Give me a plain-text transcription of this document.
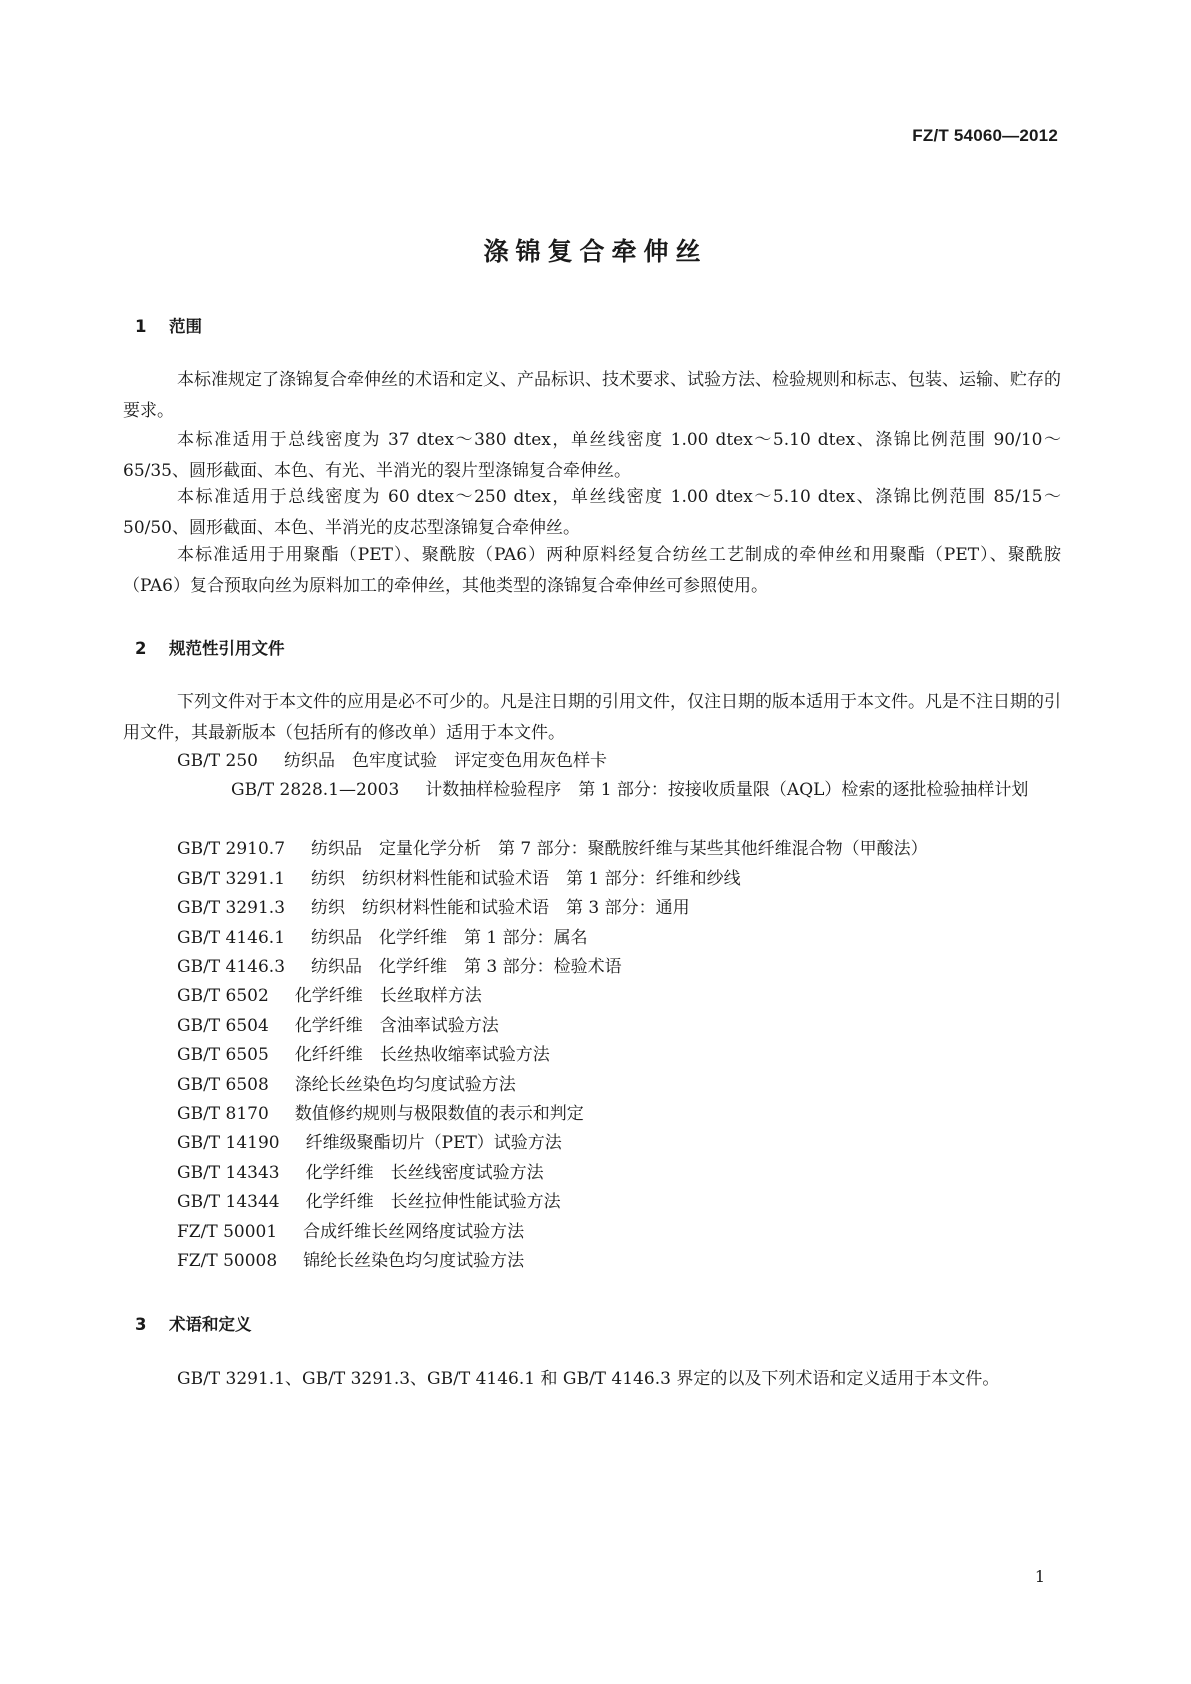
FZ/T 54060—2012
涤锦复合牵伸丝
1 范围

本标准规定了涤锦复合牵伸丝的术语和定义、产品标识、技术要求、试验方法、检验规则和标志、包装、运输、贮存的要求。

本标准适用于总线密度为 37 dtex～380 dtex，单丝线密度 1.00 dtex～5.10 dtex、涤锦比例范围 90/10～65/35、圆形截面、本色、有光、半消光的裂片型涤锦复合牵伸丝。

本标准适用于总线密度为 60 dtex～250 dtex，单丝线密度 1.00 dtex～5.10 dtex、涤锦比例范围 85/15～50/50、圆形截面、本色、半消光的皮芯型涤锦复合牵伸丝。

本标准适用于用聚酯（PET）、聚酰胺（PA6）两种原料经复合纺丝工艺制成的牵伸丝和用聚酯（PET）、聚酰胺（PA6）复合预取向丝为原料加工的牵伸丝，其他类型的涤锦复合牵伸丝可参照使用。

2 规范性引用文件

下列文件对于本文件的应用是必不可少的。凡是注日期的引用文件，仅注日期的版本适用于本文件。凡是不注日期的引用文件，其最新版本（包括所有的修改单）适用于本文件。

GB/T 250 纺织品　色牢度试验　评定变色用灰色样卡

GB/T 2828.1—2003 计数抽样检验程序　第 1 部分：按接收质量限（AQL）检索的逐批检验抽样计划

GB/T 2910.7 纺织品　定量化学分析　第 7 部分：聚酰胺纤维与某些其他纤维混合物（甲酸法）

GB/T 3291.1 纺织　纺织材料性能和试验术语　第 1 部分：纤维和纱线

GB/T 3291.3 纺织　纺织材料性能和试验术语　第 3 部分：通用

GB/T 4146.1 纺织品　化学纤维　第 1 部分：属名

GB/T 4146.3 纺织品　化学纤维　第 3 部分：检验术语

GB/T 6502 化学纤维　长丝取样方法

GB/T 6504 化学纤维　含油率试验方法

GB/T 6505 化纤纤维　长丝热收缩率试验方法

GB/T 6508 涤纶长丝染色均匀度试验方法

GB/T 8170 数值修约规则与极限数值的表示和判定

GB/T 14190 纤维级聚酯切片（PET）试验方法

GB/T 14343 化学纤维　长丝线密度试验方法

GB/T 14344 化学纤维　长丝拉伸性能试验方法

FZ/T 50001 合成纤维长丝网络度试验方法

FZ/T 50008 锦纶长丝染色均匀度试验方法

3 术语和定义

GB/T 3291.1、GB/T 3291.3、GB/T 4146.1 和 GB/T 4146.3 界定的以及下列术语和定义适用于本文件。

1
